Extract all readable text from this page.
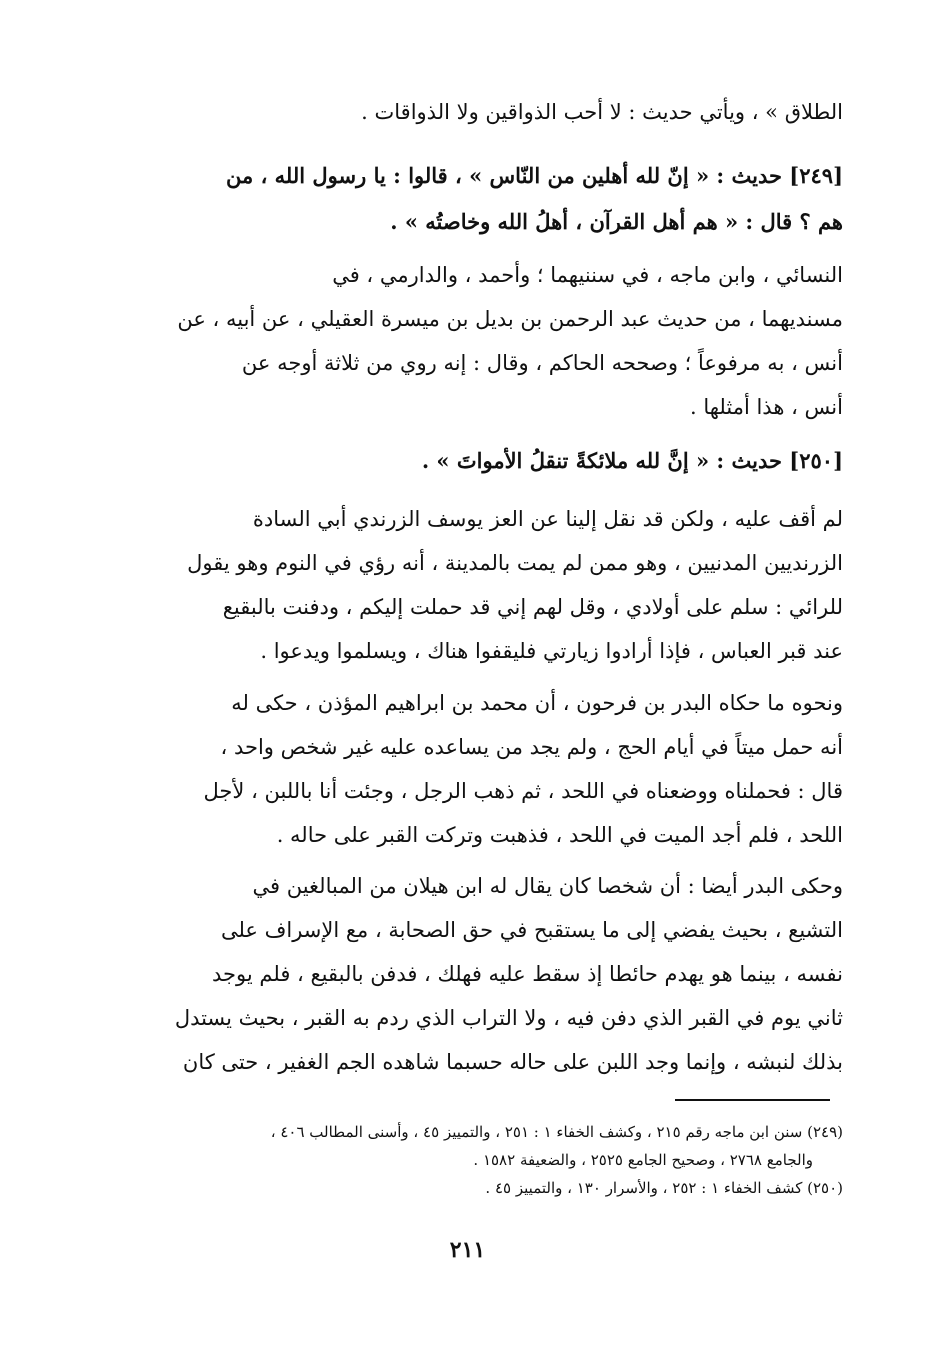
الطلاق » ، ويأتي حديث : لا أحب الذواقين ولا الذواقات .
[٢٤٩] حديث : « إنّ لله أهلين من النّاس » ، قالوا : يا رسول الله ، من
هم ؟ قال : « هم أهل القرآن ، أهلُ الله وخاصتُه » .
النسائي ، وابن ماجه ، في سننيهما ؛ وأحمد ، والدارمي ، في
مسنديهما ، من حديث عبد الرحمن بن بديل بن ميسرة العقيلي ، عن أبيه ، عن
أنس ، به مرفوعاً ؛ وصححه الحاكم ، وقال : إنه روي من ثلاثة أوجه عن
أنس ، هذا أمثلها .
[٢٥٠] حديث : « إنَّ لله ملائكةً تنقلُ الأمواتَ » .
لم أقف عليه ، ولكن قد نقل إلينا عن العز يوسف الزرندي أبي السادة
الزرنديين المدنيين ، وهو ممن لم يمت بالمدينة ، أنه رؤي في النوم وهو يقول
للرائي : سلم على أولادي ، وقل لهم إني قد حملت إليكم ، ودفنت بالبقيع
عند قبر العباس ، فإذا أرادوا زيارتي فليقفوا هناك ، ويسلموا ويدعوا .
ونحوه ما حكاه البدر بن فرحون ، أن محمد بن ابراهيم المؤذن ، حكى له
أنه حمل ميتاً في أيام الحج ، ولم يجد من يساعده عليه غير شخص واحد ،
قال : فحملناه ووضعناه في اللحد ، ثم ذهب الرجل ، وجئت أنا باللبن ، لأجل
اللحد ، فلم أجد الميت في اللحد ، فذهبت وتركت القبر على حاله .
وحكى البدر أيضا : أن شخصا كان يقال له ابن هيلان من المبالغين في
التشيع ، بحيث يفضي إلى ما يستقبح في حق الصحابة ، مع الإسراف على
نفسه ، بينما هو يهدم حائطا إذ سقط عليه فهلك ، فدفن بالبقيع ، فلم يوجد
ثاني يوم في القبر الذي دفن فيه ، ولا التراب الذي ردم به القبر ، بحيث يستدل
بذلك لنبشه ، وإنما وجد اللبن على حاله حسبما شاهده الجم الغفير ، حتى كان
(٢٤٩) سنن ابن ماجه رقم ٢١٥ ، وكشف الخفاء ١ : ٢٥١ ، والتمييز ٤٥ ، وأسنى المطالب ٤٠٦ ،
والجامع ٢٧٦٨ ، وصحيح الجامع ٢٥٢٥ ، والضعيفة ١٥٨٢ .
(٢٥٠) كشف الخفاء ١ : ٢٥٢ ، والأسرار ١٣٠ ، والتمييز ٤٥ .
٢١١
